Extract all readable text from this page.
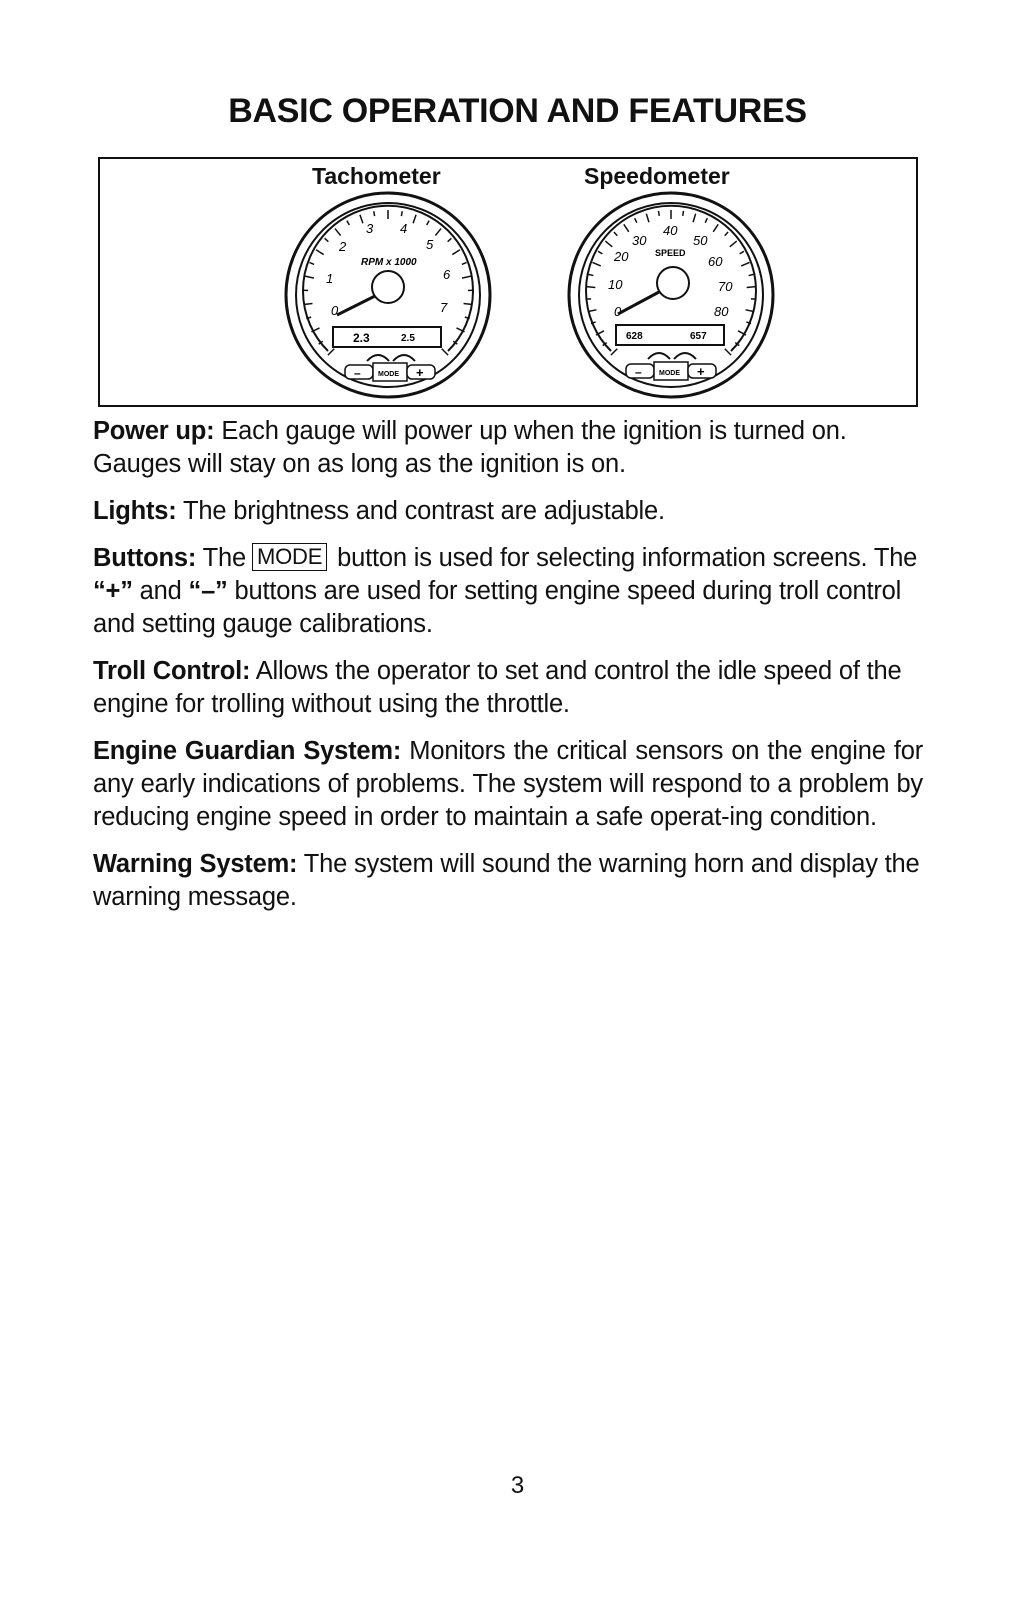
BASIC OPERATION AND FEATURES
Tachometer	Speedometer
RPM x 1000
0
1
2
3 4
5
6
7
2.3	2.5
– MODE +
SPEED
0
10
20
30
40
50
60
70
80
628	657
– MODE +

Power up: Each gauge will power up when the ignition is turned on. Gauges will stay on as long as the ignition is on.

Lights: The brightness and contrast are adjustable.

Buttons: The MODE button is used for selecting information screens. The “+” and “–” buttons are used for setting engine speed during troll control and setting gauge calibrations.

Troll Control: Allows the operator to set and control the idle speed of the engine for trolling without using the throttle.

Engine Guardian System: Monitors the critical sensors on the engine for any early indications of problems. The system will respond to a problem by reducing engine speed in order to maintain a safe operat-ing condition.

Warning System: The system will sound the warning horn and display the warning message.

3
